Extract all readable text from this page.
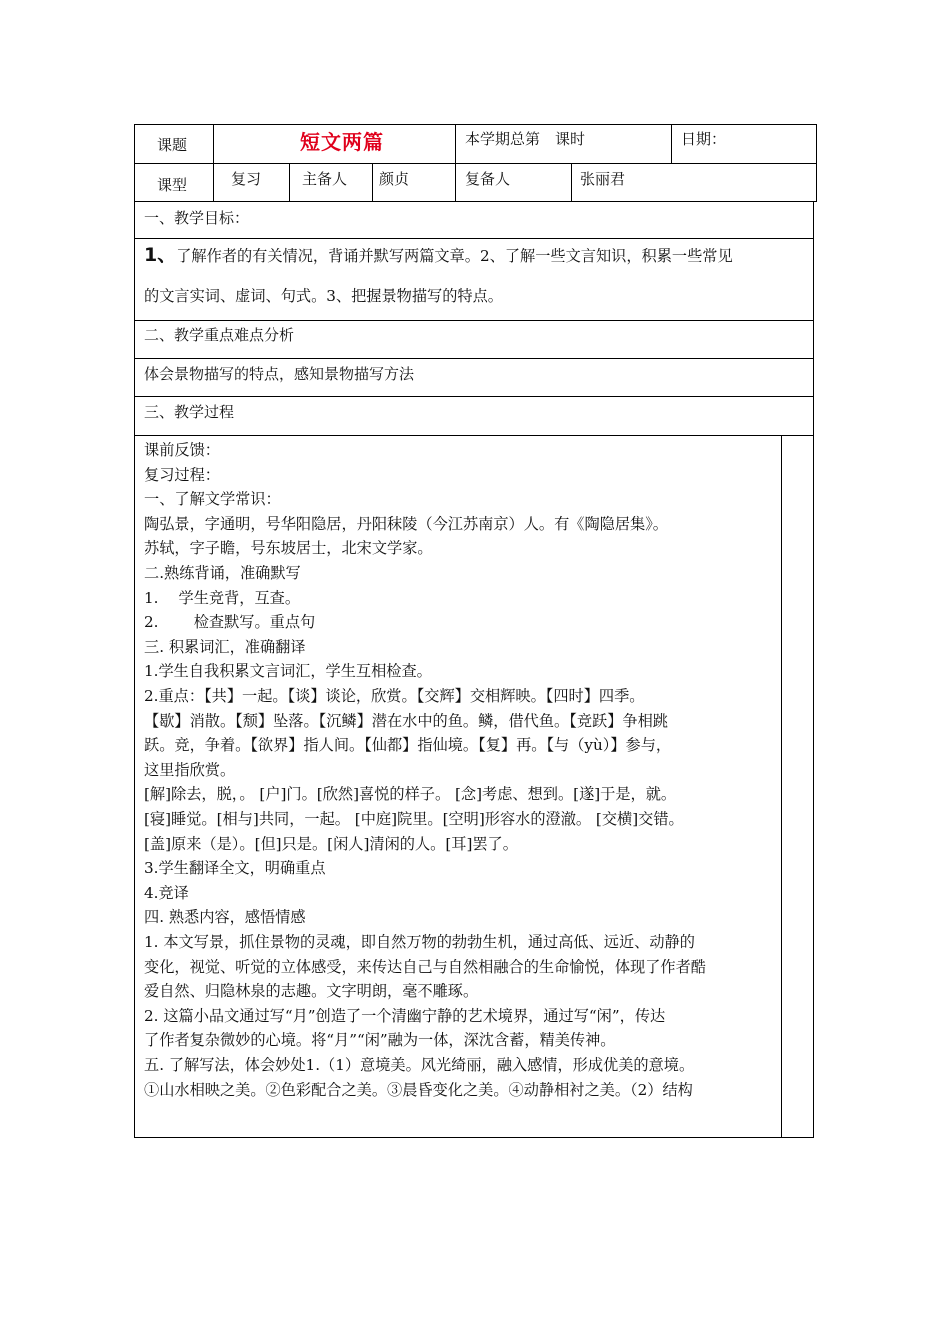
课题	短文两篇	本学期总第　课时	日期：
课型	复习	主备人 颜贞	复备人	张丽君
一、教学目标：
1、了解作者的有关情况，背诵并默写两篇文章。2、了解一些文言知识，积累一些常见
的文言实词、虚词、句式。3、把握景物描写的特点。
二、教学重点难点分析
体会景物描写的特点，感知景物描写方法
三、教学过程
课前反馈：
复习过程：
一、了解文学常识：
陶弘景，字通明，号华阳隐居，丹阳秣陵（今江苏南京）人。有《陶隐居集》。
苏轼，字子瞻，号东坡居士，北宋文学家。
二.熟练背诵，准确默写
1.　 学生竞背，互查。
2.　　 检查默写。重点句
三. 积累词汇，准确翻译
1.学生自我积累文言词汇，学生互相检查。
2.重点：【共】一起。【谈】谈论，欣赏。【交辉】交相辉映。【四时】四季。
【歇】消散。【颓】坠落。【沉鳞】潜在水中的鱼。鳞，借代鱼。【竞跃】争相跳
跃。竞，争着。【欲界】指人间。【仙都】指仙境。【复】再。【与（yù）】参与，
这里指欣赏。
[解]除去，脱，。 [户]门。[欣然]喜悦的样子。 [念]考虑、想到。[遂]于是，就。
[寝]睡觉。[相与]共同，一起。 [中庭]院里。[空明]形容水的澄澈。 [交横]交错。
[盖]原来（是）。[但]只是。[闲人]清闲的人。[耳]罢了。
3.学生翻译全文，明确重点
4.竞译
四. 熟悉内容，感悟情感
1. 本文写景，抓住景物的灵魂，即自然万物的勃勃生机，通过高低、远近、动静的
变化，视觉、听觉的立体感受，来传达自己与自然相融合的生命愉悦，体现了作者酷
爱自然、归隐林泉的志趣。文字明朗，毫不雕琢。
2. 这篇小品文通过写“月”创造了一个清幽宁静的艺术境界，通过写“闲”，传达
了作者复杂微妙的心境。将“月”“闲”融为一体，深沈含蓄，精美传神。
五. 了解写法，体会妙处1.（1）意境美。风光绮丽，融入感情，形成优美的意境。
①山水相映之美。②色彩配合之美。③晨昏变化之美。④动静相衬之美。（2）结构
